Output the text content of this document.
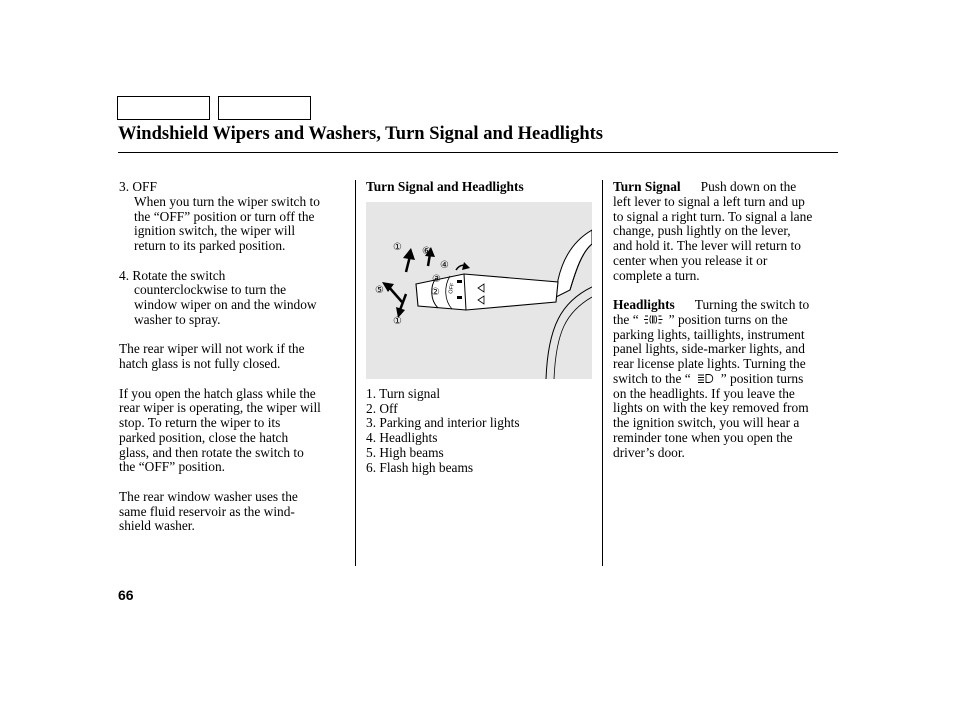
Windshield Wipers and Washers, Turn Signal and Headlights
3. OFF
When you turn the wiper switch to
the “OFF” position or turn off the
ignition switch, the wiper will
return to its parked position.
4. Rotate the switch
counterclockwise to turn the
window wiper on and the window
washer to spray.
The rear wiper will not work if the
hatch glass is not fully closed.
If you open the hatch glass while the
rear wiper is operating, the wiper will
stop. To return the wiper to its
parked position, close the hatch
glass, and then rotate the switch to
the “OFF” position.
The rear window washer uses the
same fluid reservoir as the wind-
shield washer.
Turn Signal and Headlights
OFF
① ⑥
④
③
②
⑤
①
1. Turn signal
2. Off
3. Parking and interior lights
4. Headlights
5. High beams
6. Flash high beams
Turn Signal Push down on the
left lever to signal a left turn and up
to signal a right turn. To signal a lane
change, push lightly on the lever,
and hold it. The lever will return to
center when you release it or
complete a turn.
Headlights Turning the switch to
the “ ” position turns on the
parking lights, taillights, instrument
panel lights, side-marker lights, and
rear license plate lights. Turning the
switch to the “ ” position turns
on the headlights. If you leave the
lights on with the key removed from
the ignition switch, you will hear a
reminder tone when you open the
driver’s door.
66
